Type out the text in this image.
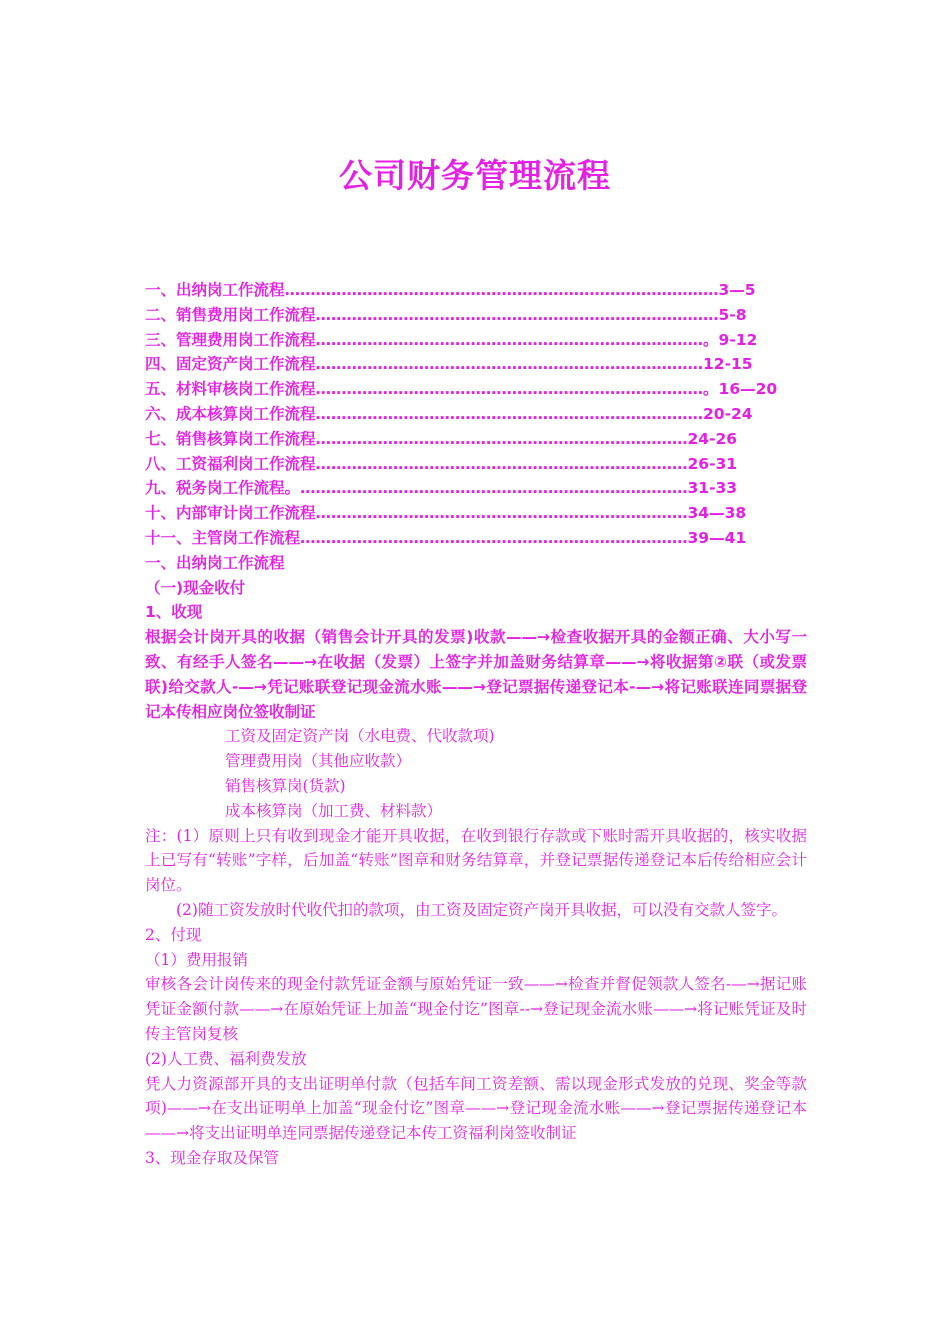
公司财务管理流程
一、出纳岗工作流程…………………………………………………………………………3—5
二、销售费用岗工作流程……………………………………………………………………5-8
三、管理费用岗工作流程…………………………………………………………………。9-12
四、固定资产岗工作流程…………………………………………………………………12-15
五、材料审核岗工作流程…………………………………………………………………。16—20
六、成本核算岗工作流程…………………………………………………………………20-24
七、销售核算岗工作流程………………………………………………………………24-26
八、工资福利岗工作流程………………………………………………………………26-31
九、税务岗工作流程。…………………………………………………………………31-33
十、内部审计岗工作流程………………………………………………………………34—38
十一、主管岗工作流程…………………………………………………………………39—41

一、出纳岗工作流程

（一)现金收付

1、收现

根据会计岗开具的收据（销售会计开具的发票)收款——→检查收据开具的金额正确、大小写一致、有经手人签名——→在收据（发票）上签字并加盖财务结算章——→将收据第②联（或发票联)给交款人-—→凭记账联登记现金流水账——→登记票据传递登记本-—→将记账联连同票据登记本传相应岗位签收制证

工资及固定资产岗（水电费、代收款项)

管理费用岗（其他应收款）

销售核算岗(货款)

成本核算岗（加工费、材料款）

注：(1）原则上只有收到现金才能开具收据，在收到银行存款或下账时需开具收据的，核实收据上已写有“转账”字样，后加盖“转账”图章和财务结算章，并登记票据传递登记本后传给相应会计岗位。

(2)随工资发放时代收代扣的款项，由工资及固定资产岗开具收据，可以没有交款人签字。

2、付现

（1）费用报销

审核各会计岗传来的现金付款凭证金额与原始凭证一致——→检查并督促领款人签名-—→据记账凭证金额付款——→在原始凭证上加盖“现金付讫”图章--→登记现金流水账——→将记账凭证及时传主管岗复核

(2)人工费、福利费发放

凭人力资源部开具的支出证明单付款（包括车间工资差额、需以现金形式发放的兑现、奖金等款项)——→在支出证明单上加盖“现金付讫”图章——→登记现金流水账——→登记票据传递登记本——→将支出证明单连同票据传递登记本传工资福利岗签收制证

3、现金存取及保管
